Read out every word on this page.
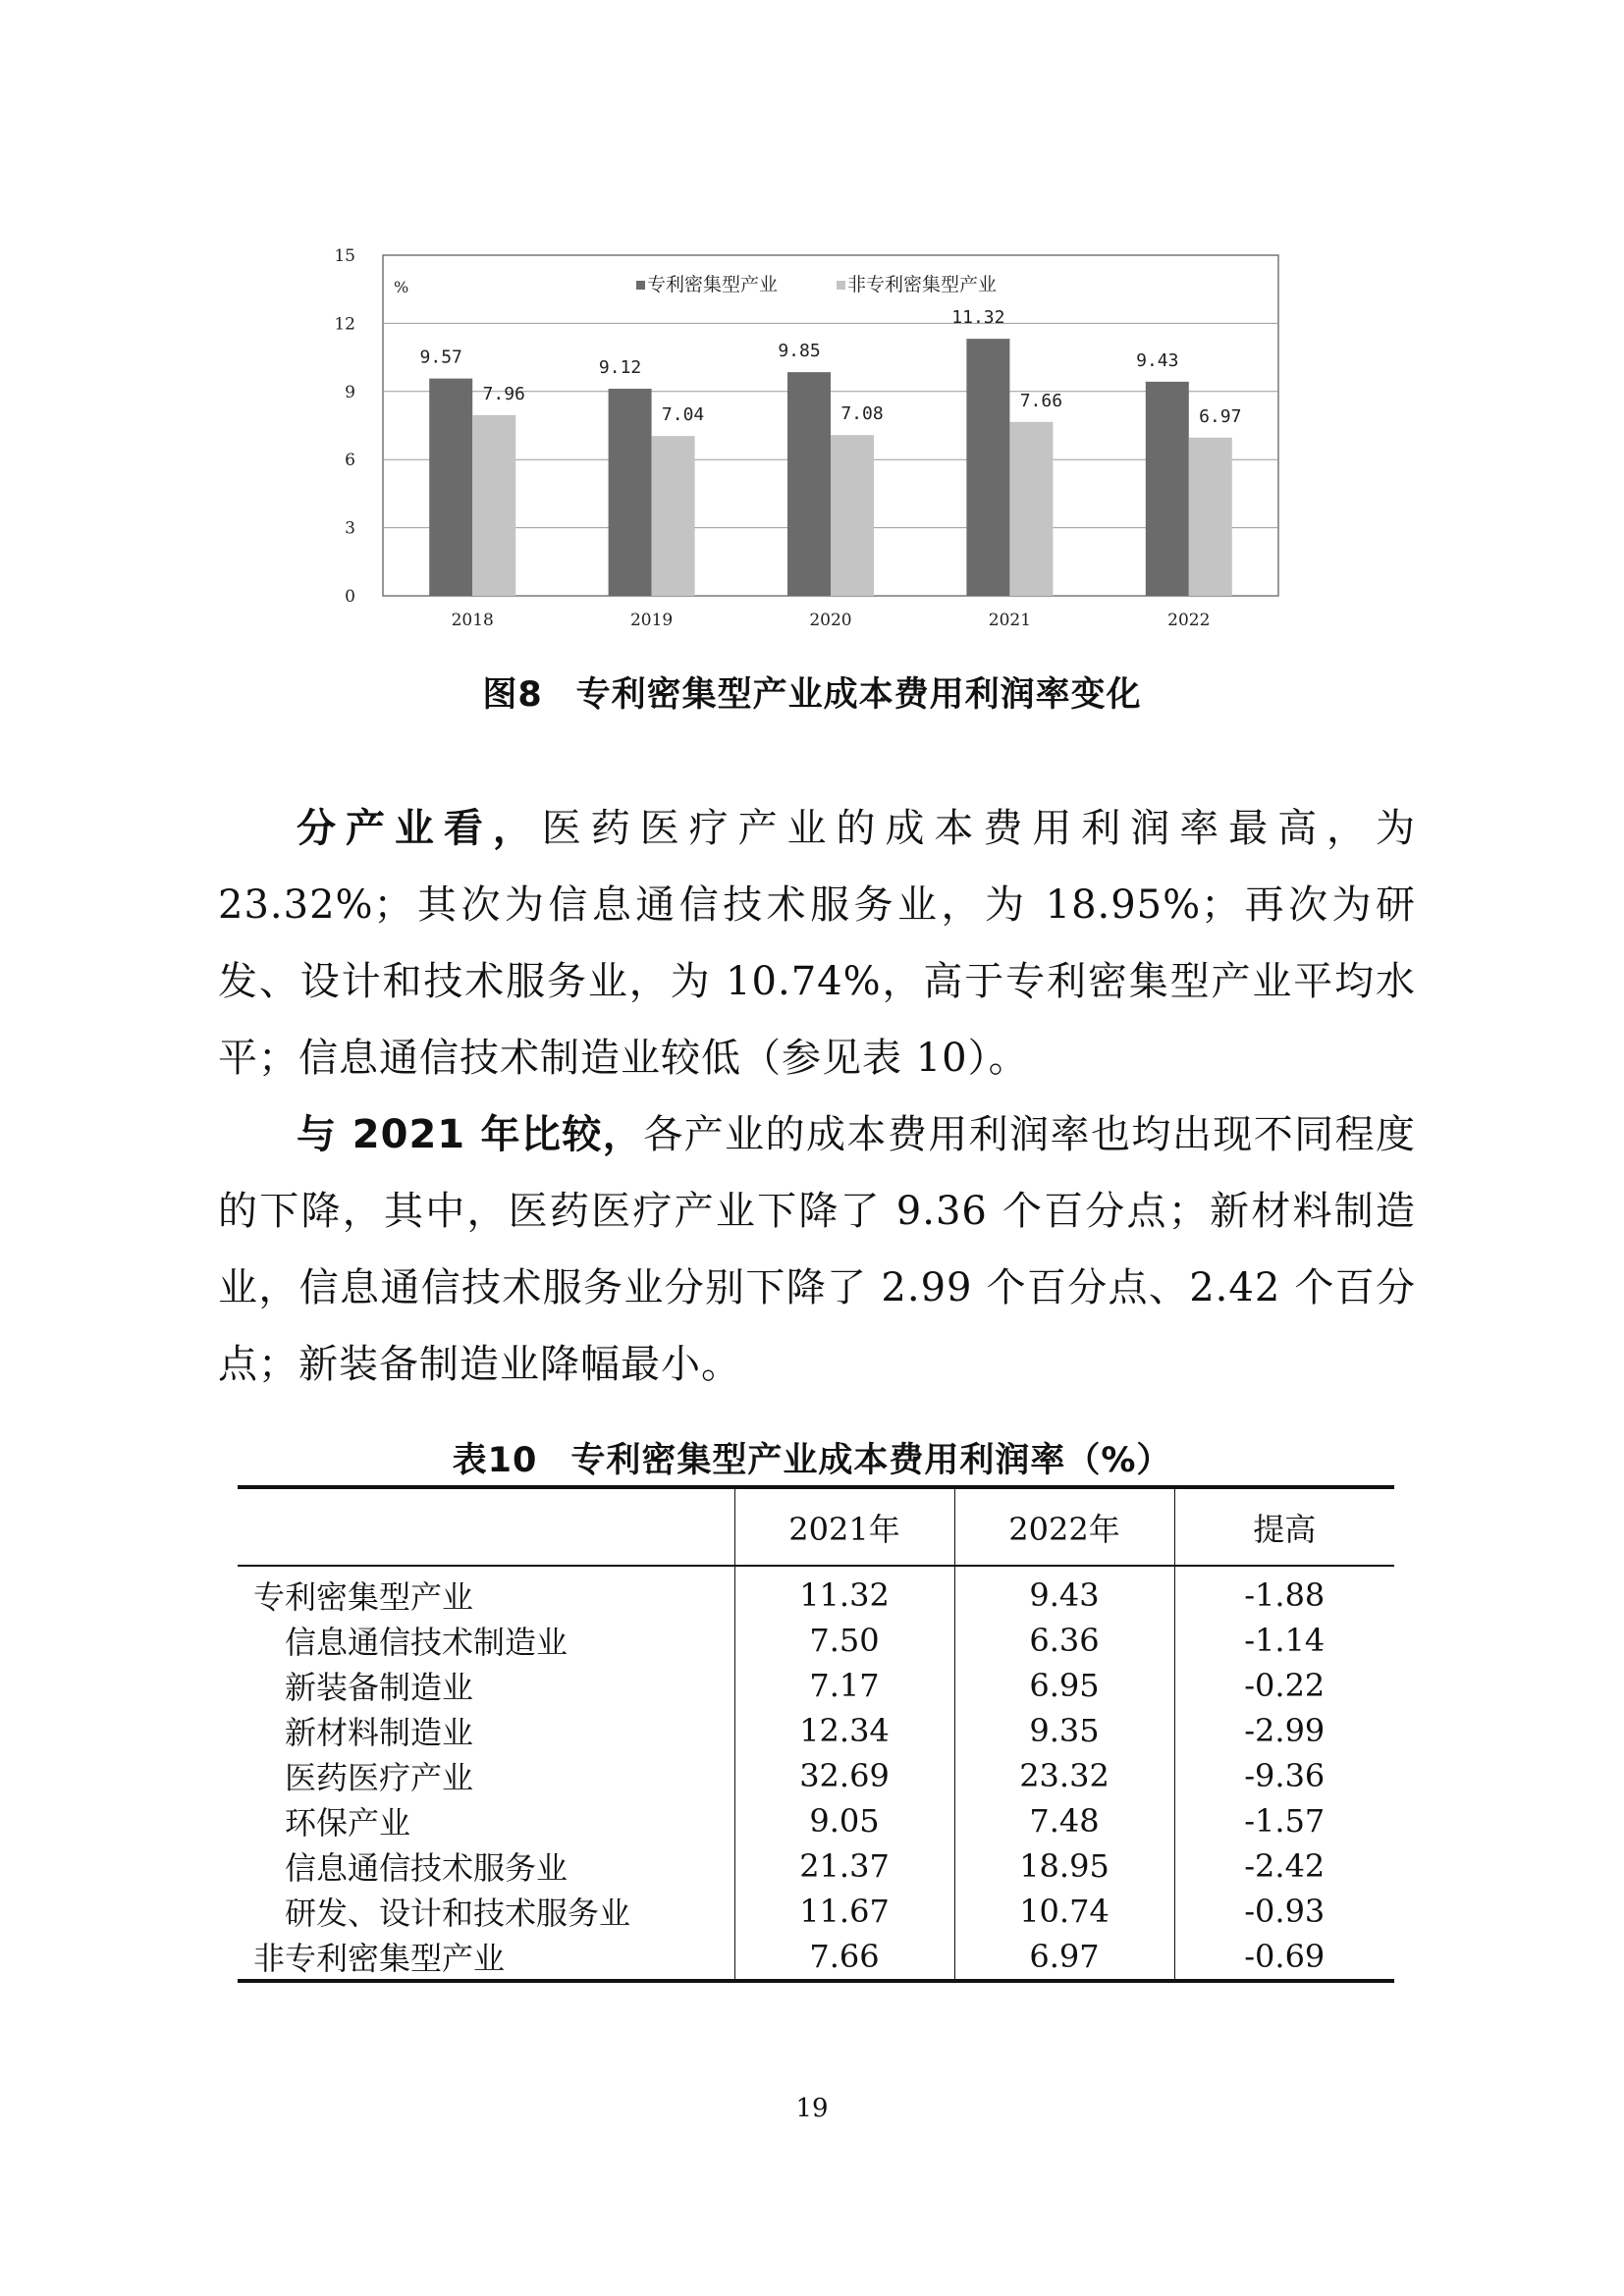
0
3
6
9
12
15
%	专利密集型产业	非专利密集型产业
9.57
7.96
2018
9.12
7.04
2019
9.85
7.08
2020
11.32
7.66
2021
9.43
6.97
2022
图8 专利密集型产业成本费用利润率变化

分产业看，医药医疗产业的成本费用利润率最高，为 23.32%；其次为信息通信技术服务业，为 18.95%；再次为研发、设计和技术服务业，为 10.74%，高于专利密集型产业平均水平；信息通信技术制造业较低（参见表 10）。

与 2021 年比较，各产业的成本费用利润率也均出现不同程度的下降，其中，医药医疗产业下降了 9.36 个百分点；新材料制造业，信息通信技术服务业分别下降了 2.99 个百分点、2.42 个百分点；新装备制造业降幅最小。

表10 专利密集型产业成本费用利润率（%）
	2021年	2022年	提高
专利密集型产业	11.32	9.43	-1.88
信息通信技术制造业	7.50	6.36	-1.14
新装备制造业	7.17	6.95	-0.22
新材料制造业	12.34	9.35	-2.99
医药医疗产业	32.69	23.32	-9.36
环保产业	9.05	7.48	-1.57
信息通信技术服务业	21.37	18.95	-2.42
研发、设计和技术服务业	11.67	10.74	-0.93
非专利密集型产业	7.66	6.97	-0.69
19
